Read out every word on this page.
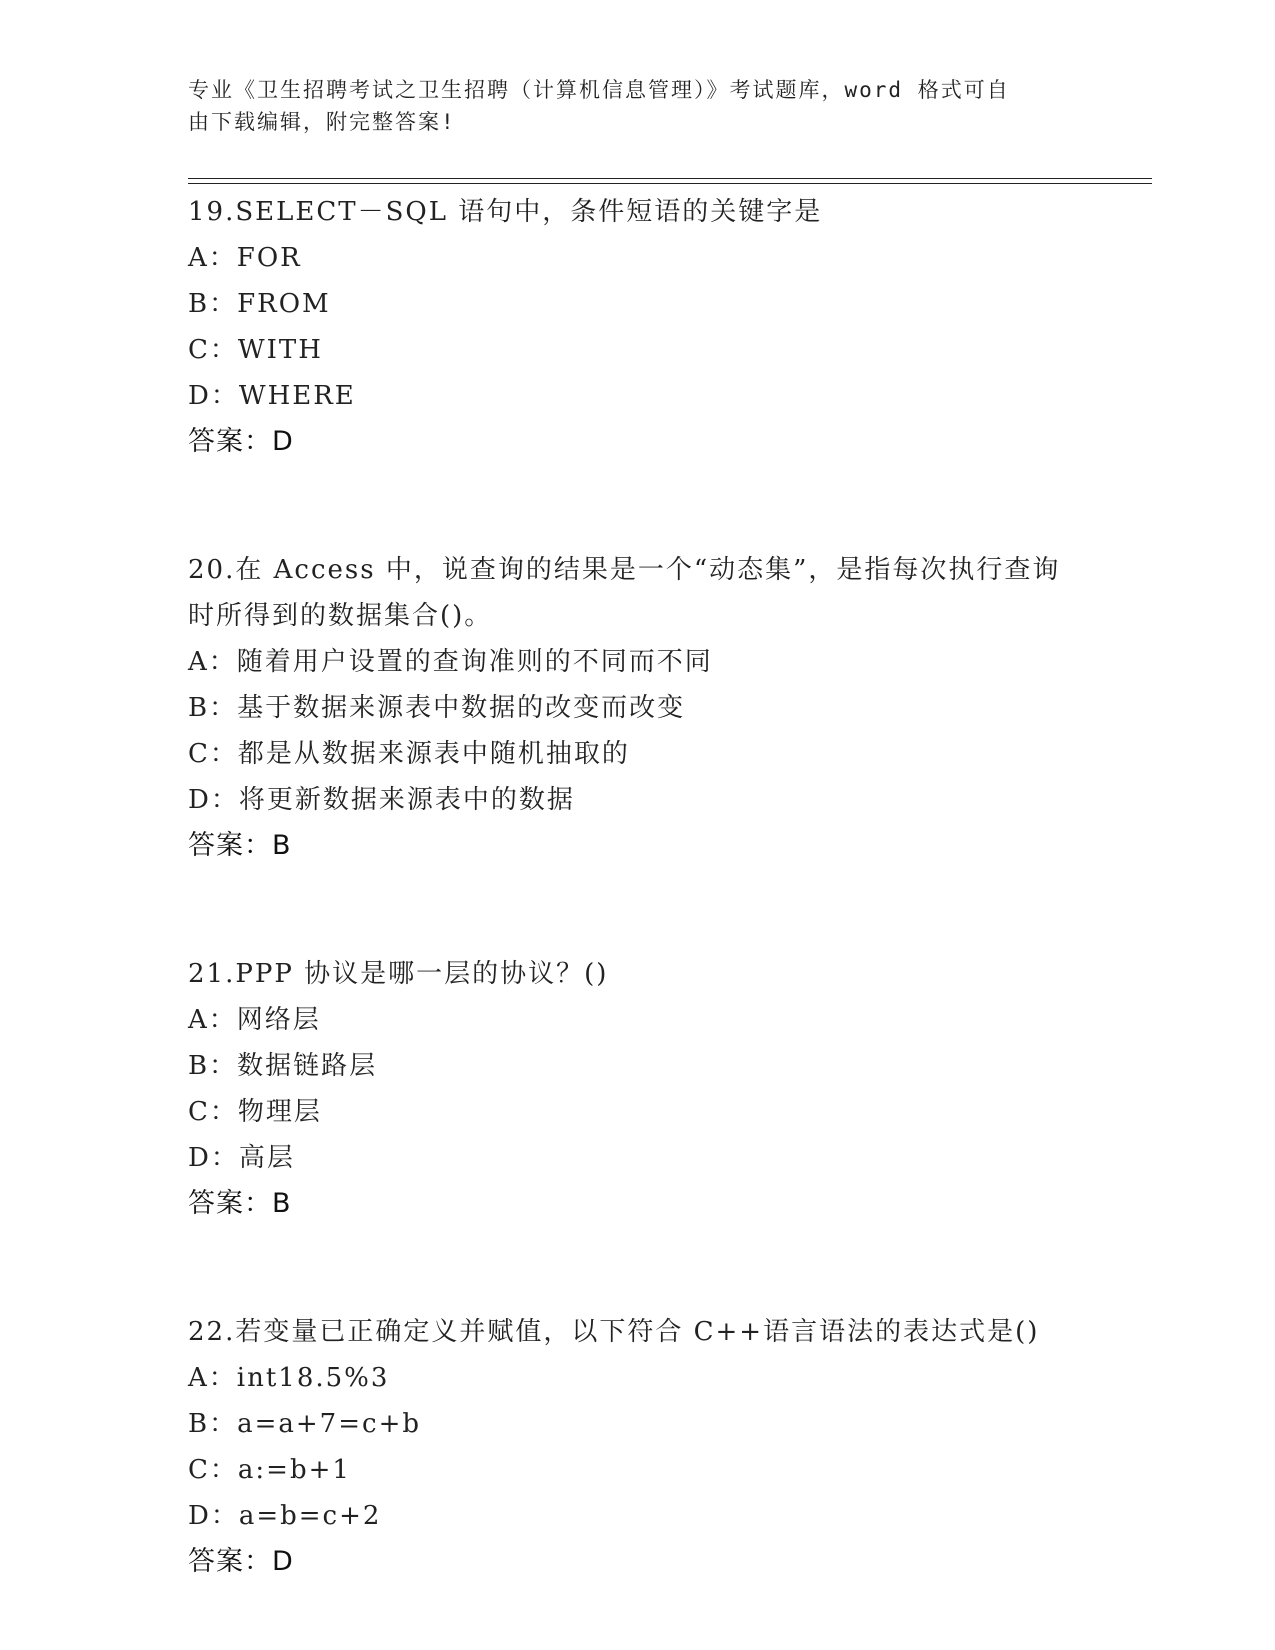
专业《卫生招聘考试之卫生招聘（计算机信息管理）》考试题库，word 格式可自
由下载编辑，附完整答案!
19.SELECT－SQL 语句中，条件短语的关键字是
A：FOR
B：FROM
C：WITH
D：WHERE
答案：D
20.在 Access 中，说查询的结果是一个“动态集”，是指每次执行查询时所得到的数据集合()。
A：随着用户设置的查询准则的不同而不同
B：基于数据来源表中数据的改变而改变
C：都是从数据来源表中随机抽取的
D：将更新数据来源表中的数据
答案：B
21.PPP 协议是哪一层的协议？()
A：网络层
B：数据链路层
C：物理层
D：高层
答案：B
22.若变量已正确定义并赋值，以下符合 C++语言语法的表达式是()
A：int18.5%3
B：a=a+7=c+b
C：a:=b+1
D：a=b=c+2
答案：D
